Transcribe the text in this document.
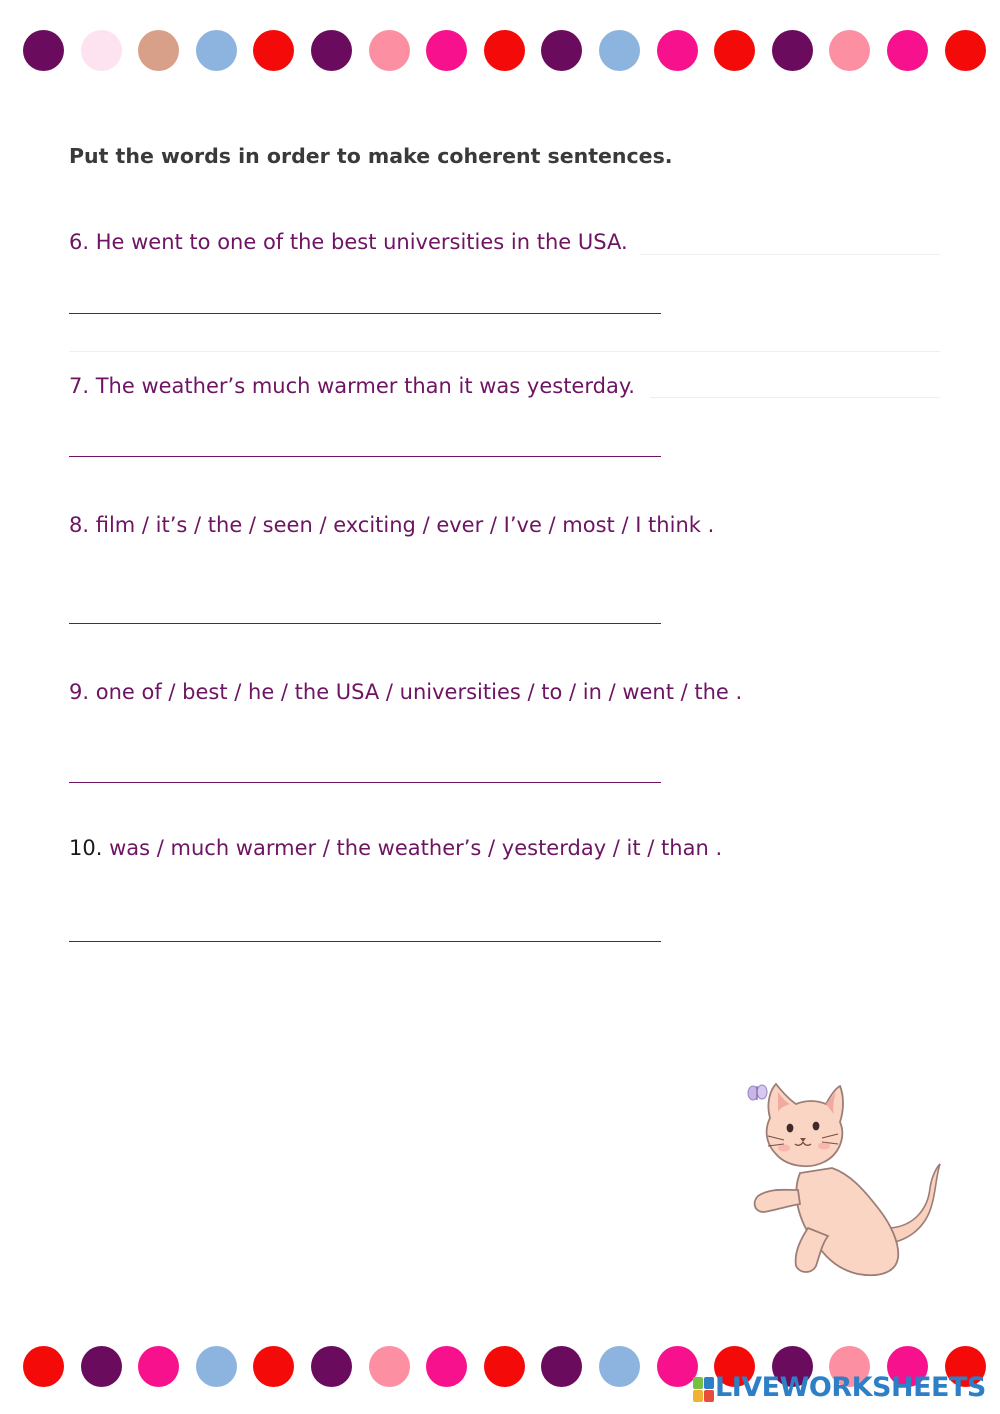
Put the words in order to make coherent sentences.
6. He went to one of the best universities in the USA.
7. The weather’s much warmer than it was yesterday.
8. film / it’s / the / seen / exciting / ever / I’ve / most / I think .
9. one of / best / he / the USA / universities / to / in / went / the .
10. was / much warmer / the weather’s / yesterday / it / than .
LIVEWORKSHEETS
